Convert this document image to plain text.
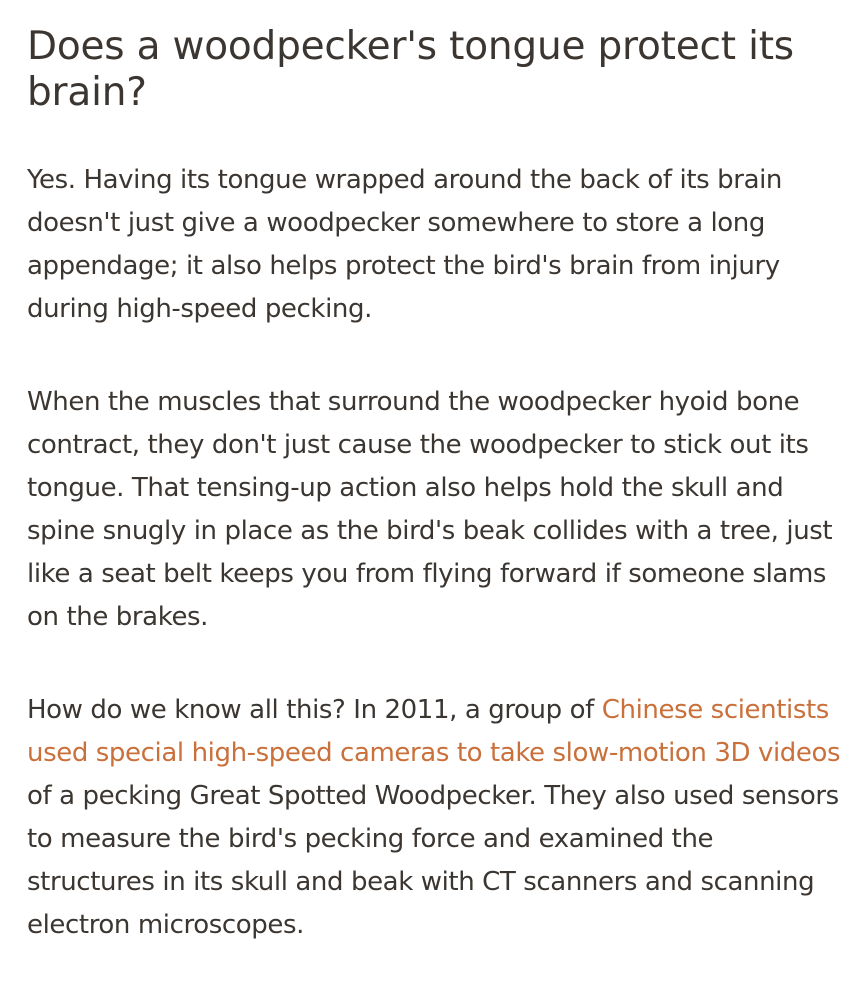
Does a woodpecker's tongue protect its brain?

Yes. Having its tongue wrapped around the back of its brain doesn't just give a woodpecker somewhere to store a long appendage; it also helps protect the bird's brain from injury during high-speed pecking.

When the muscles that surround the woodpecker hyoid bone contract, they don't just cause the woodpecker to stick out its tongue. That tensing-up action also helps hold the skull and spine snugly in place as the bird's beak collides with a tree, just like a seat belt keeps you from flying forward if someone slams on the brakes.

How do we know all this? In 2011, a group of Chinese scientists used special high-speed cameras to take slow-motion 3D videos of a pecking Great Spotted Woodpecker. They also used sensors to measure the bird's pecking force and examined the structures in its skull and beak with CT scanners and scanning electron microscopes.
